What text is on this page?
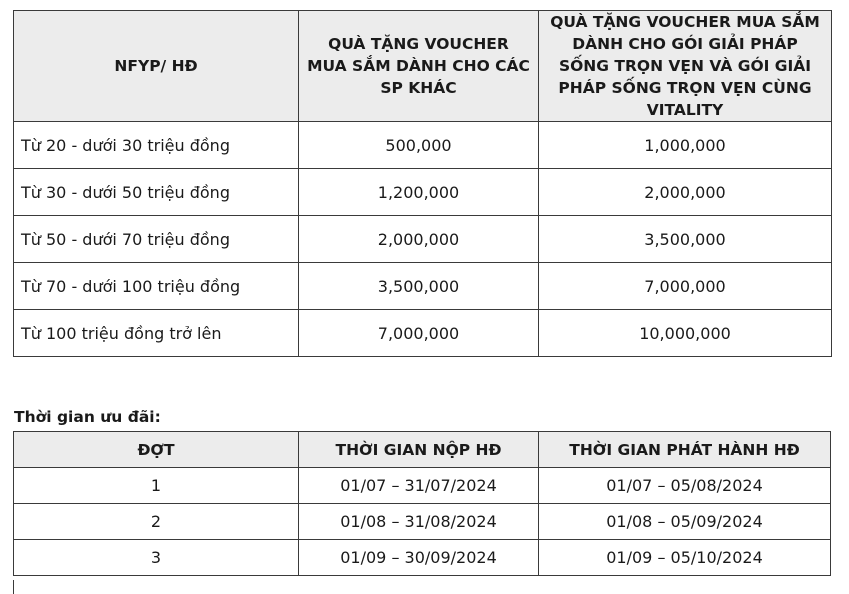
NFYP/ HĐ	QUÀ TẶNG VOUCHER MUA SẮM DÀNH CHO CÁC SP KHÁC	QUÀ TẶNG VOUCHER MUA SẮM DÀNH CHO GÓI GIẢI PHÁP SỐNG TRỌN VẸN VÀ GÓI GIẢI PHÁP SỐNG TRỌN VẸN CÙNG VITALITY
Từ 20 - dưới 30 triệu đồng	500,000	1,000,000
Từ 30 - dưới 50 triệu đồng	1,200,000	2,000,000
Từ 50 - dưới 70 triệu đồng	2,000,000	3,500,000
Từ 70 - dưới 100 triệu đồng	3,500,000	7,000,000
Từ 100 triệu đồng trở lên	7,000,000	10,000,000

Thời gian ưu đãi:

ĐỢT	THỜI GIAN NỘP HĐ	THỜI GIAN PHÁT HÀNH HĐ
1	01/07 – 31/07/2024	01/07 – 05/08/2024
2	01/08 – 31/08/2024	01/08 – 05/09/2024
3	01/09 – 30/09/2024	01/09 – 05/10/2024
